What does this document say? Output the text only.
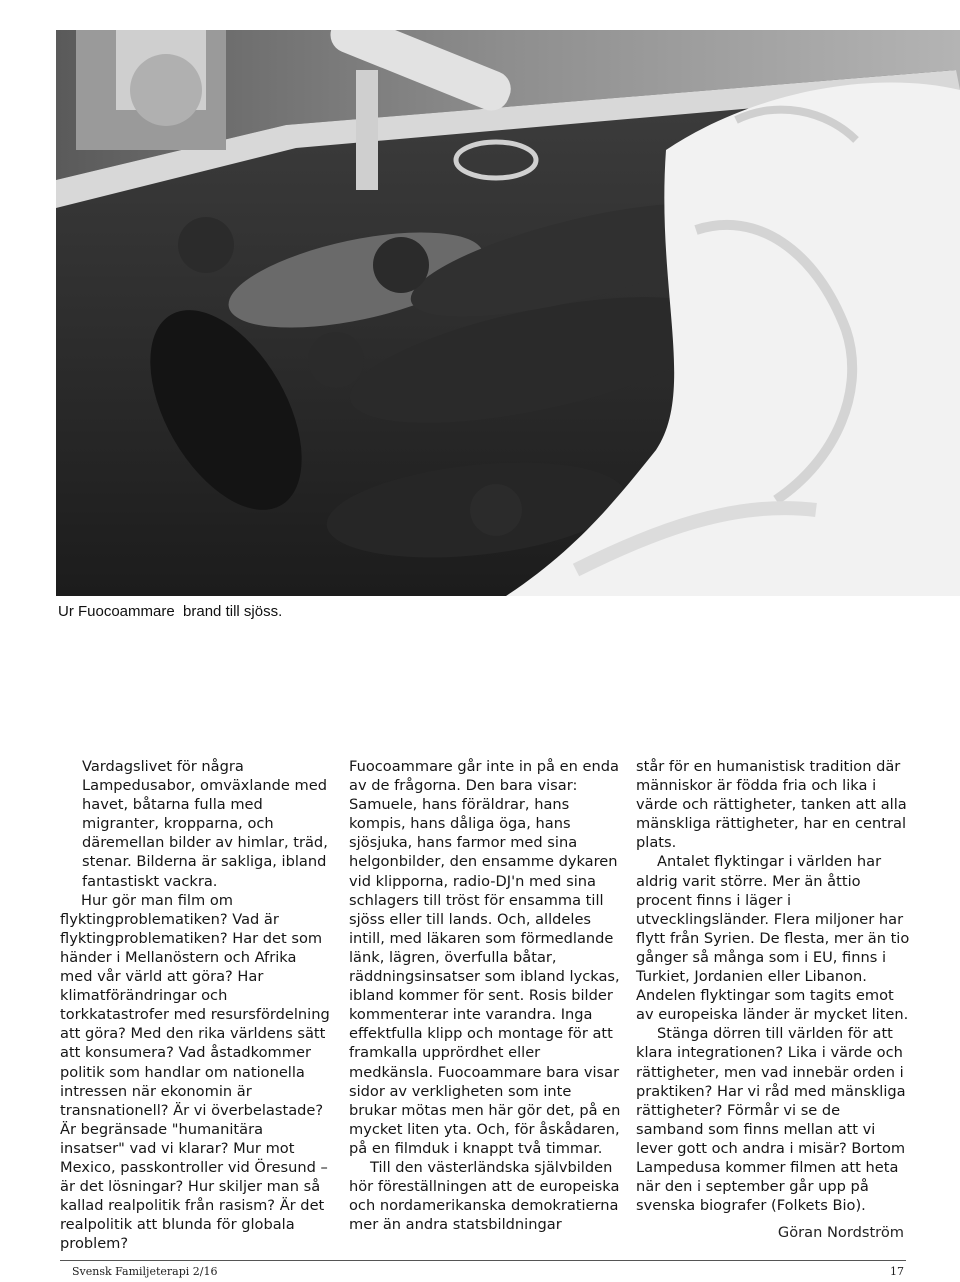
Ur Fuocoammare  brand till sjöss.

Vardagslivet för några Lampedusabor, omväxlande med havet, båtarna fulla med migranter, kropparna, och däremellan bilder av himlar, träd, stenar. Bilderna är sakliga, ibland fantastiskt vackra.

Hur gör man film om flyktingproblematiken? Vad är flyktingproblematiken? Har det som händer i Mellanöstern och Afrika med vår värld att göra? Har klimatförändringar och torkkatastrofer med resursfördelning att göra? Med den rika världens sätt att konsumera? Vad åstadkommer politik som handlar om nationella intressen när ekonomin är transnationell? Är vi överbelastade? Är begränsade "humanitära insatser" vad vi klarar? Mur mot Mexico, passkontroller vid Öresund – är det lösningar? Hur skiljer man så kallad realpolitik från rasism? Är det realpolitik att blunda för globala problem?

Fuocoammare går inte in på en enda av de frågorna. Den bara visar: Samuele, hans föräldrar, hans kompis, hans dåliga öga, hans sjösjuka, hans farmor med sina helgonbilder, den ensamme dykaren vid klipporna, radio-DJ'n med sina schlagers till tröst för ensamma till sjöss eller till lands. Och, alldeles intill, med läkaren som förmedlande länk, lägren, överfulla båtar, räddningsinsatser som ibland lyckas, ibland kommer för sent. Rosis bilder kommenterar inte varandra. Inga effektfulla klipp och montage för att framkalla upprördhet eller medkänsla. Fuocoammare bara visar sidor av verkligheten som inte brukar mötas men här gör det, på en mycket liten yta. Och, för åskådaren, på en filmduk i knappt två timmar.

Till den västerländska självbilden hör föreställningen att de europeiska och nordamerikanska demokratierna mer än andra statsbildningar

står för en humanistisk tradition där människor är födda fria och lika i värde och rättigheter, tanken att alla mänskliga rättigheter, har en central plats.

Antalet flyktingar i världen har aldrig varit större. Mer än åttio procent finns i läger i utvecklingsländer. Flera miljoner har flytt från Syrien. De flesta, mer än tio gånger så många som i EU, finns i Turkiet, Jordanien eller Libanon. Andelen flyktingar som tagits emot av europeiska länder är mycket liten.

Stänga dörren till världen för att klara integrationen? Lika i värde och rättigheter, men vad innebär orden i praktiken? Har vi råd med mänskliga rättigheter? Förmår vi se de samband som finns mellan att vi lever gott och andra i misär? Bortom Lampedusa kommer filmen att heta när den i september går upp på svenska biografer (Folkets Bio).

Göran Nordström
Svensk Familjeterapi 2/16	17
